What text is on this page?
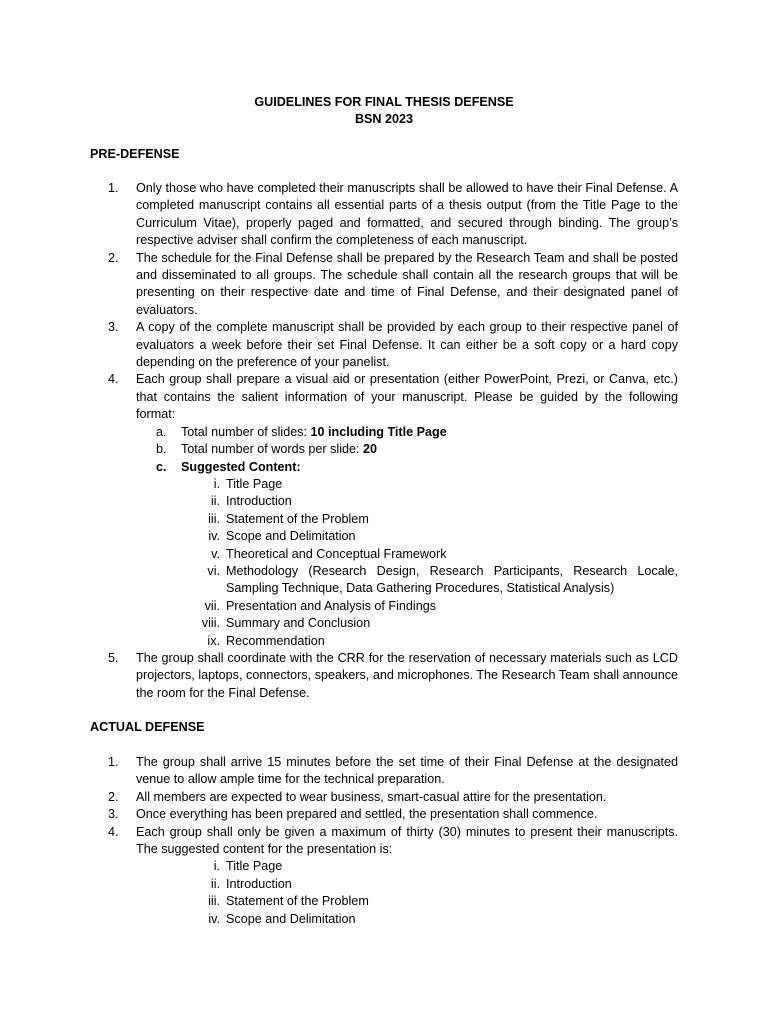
GUIDELINES FOR FINAL THESIS DEFENSE
BSN 2023
PRE-DEFENSE
1.	Only those who have completed their manuscripts shall be allowed to have their Final Defense. A completed manuscript contains all essential parts of a thesis output (from the Title Page to the Curriculum Vitae), properly paged and formatted, and secured through binding. The group’s respective adviser shall confirm the completeness of each manuscript.
2.	The schedule for the Final Defense shall be prepared by the Research Team and shall be posted and disseminated to all groups. The schedule shall contain all the research groups that will be presenting on their respective date and time of Final Defense, and their designated panel of evaluators.
3.	A copy of the complete manuscript shall be provided by each group to their respective panel of evaluators a week before their set Final Defense. It can either be a soft copy or a hard copy depending on the preference of your panelist.
4.	Each group shall prepare a visual aid or presentation (either PowerPoint, Prezi, or Canva, etc.) that contains the salient information of your manuscript. Please be guided by the following format:
a.	Total number of slides: 10 including Title Page
b.	Total number of words per slide: 20
c.	Suggested Content:
i. Title Page
ii. Introduction
iii. Statement of the Problem
iv. Scope and Delimitation
v. Theoretical and Conceptual Framework
vi. Methodology (Research Design, Research Participants, Research Locale, Sampling Technique, Data Gathering Procedures, Statistical Analysis)
vii. Presentation and Analysis of Findings
viii. Summary and Conclusion
ix. Recommendation
5.	The group shall coordinate with the CRR for the reservation of necessary materials such as LCD projectors, laptops, connectors, speakers, and microphones. The Research Team shall announce the room for the Final Defense.
ACTUAL DEFENSE
1.	The group shall arrive 15 minutes before the set time of their Final Defense at the designated venue to allow ample time for the technical preparation.
2.	All members are expected to wear business, smart-casual attire for the presentation.
3.	Once everything has been prepared and settled, the presentation shall commence.
4.	Each group shall only be given a maximum of thirty (30) minutes to present their manuscripts. The suggested content for the presentation is:
i. Title Page
ii. Introduction
iii. Statement of the Problem
iv. Scope and Delimitation
